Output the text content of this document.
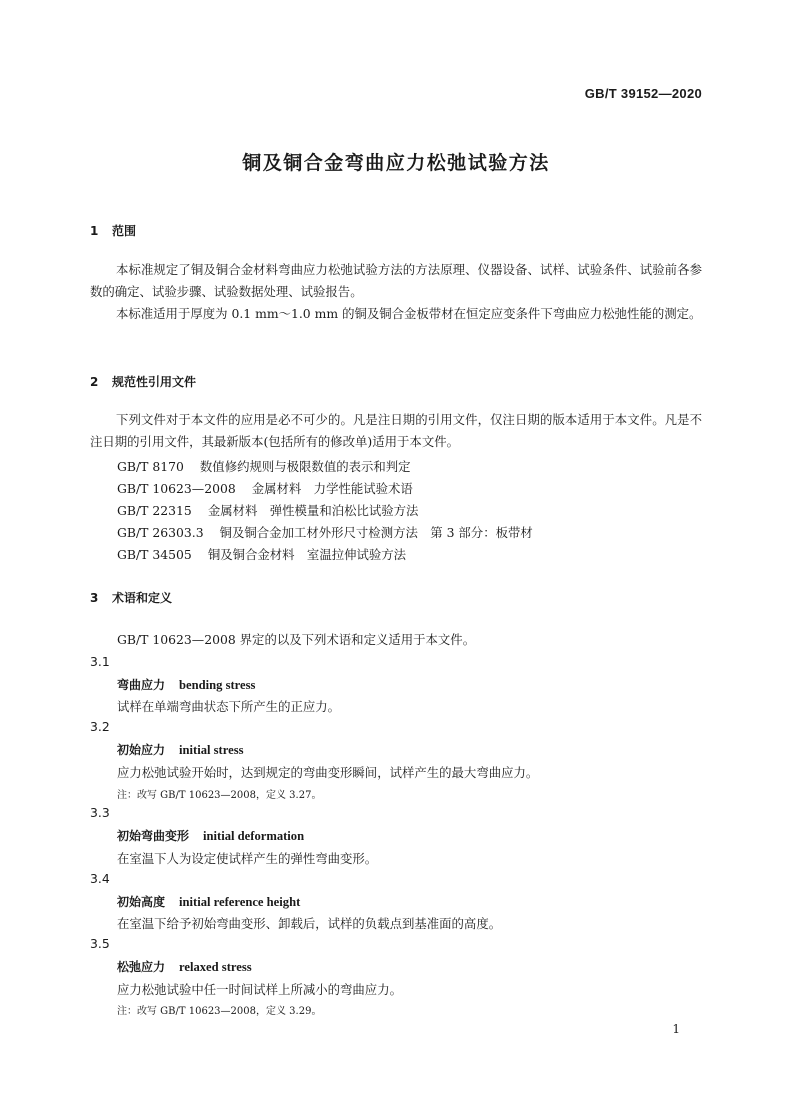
GB/T 39152—2020
铜及铜合金弯曲应力松弛试验方法
1 范围
本标准规定了铜及铜合金材料弯曲应力松弛试验方法的方法原理、仪器设备、试样、试验条件、试验前各参数的确定、试验步骤、试验数据处理、试验报告。
本标准适用于厚度为 0.1 mm～1.0 mm 的铜及铜合金板带材在恒定应变条件下弯曲应力松弛性能的测定。
2 规范性引用文件
下列文件对于本文件的应用是必不可少的。凡是注日期的引用文件，仅注日期的版本适用于本文件。凡是不注日期的引用文件，其最新版本(包括所有的修改单)适用于本文件。
GB/T 8170 数值修约规则与极限数值的表示和判定
GB/T 10623—2008 金属材料　力学性能试验术语
GB/T 22315 金属材料　弹性模量和泊松比试验方法
GB/T 26303.3 铜及铜合金加工材外形尺寸检测方法　第 3 部分：板带材
GB/T 34505 铜及铜合金材料　室温拉伸试验方法
3 术语和定义
GB/T 10623—2008 界定的以及下列术语和定义适用于本文件。
3.1
弯曲应力 bending stress
试样在单端弯曲状态下所产生的正应力。
3.2
初始应力 initial stress
应力松弛试验开始时，达到规定的弯曲变形瞬间，试样产生的最大弯曲应力。
注：改写 GB/T 10623—2008，定义 3.27。
3.3
初始弯曲变形 initial deformation
在室温下人为设定使试样产生的弹性弯曲变形。
3.4
初始高度 initial reference height
在室温下给予初始弯曲变形、卸载后，试样的负载点到基准面的高度。
3.5
松弛应力 relaxed stress
应力松弛试验中任一时间试样上所减小的弯曲应力。
注：改写 GB/T 10623—2008，定义 3.29。
1
